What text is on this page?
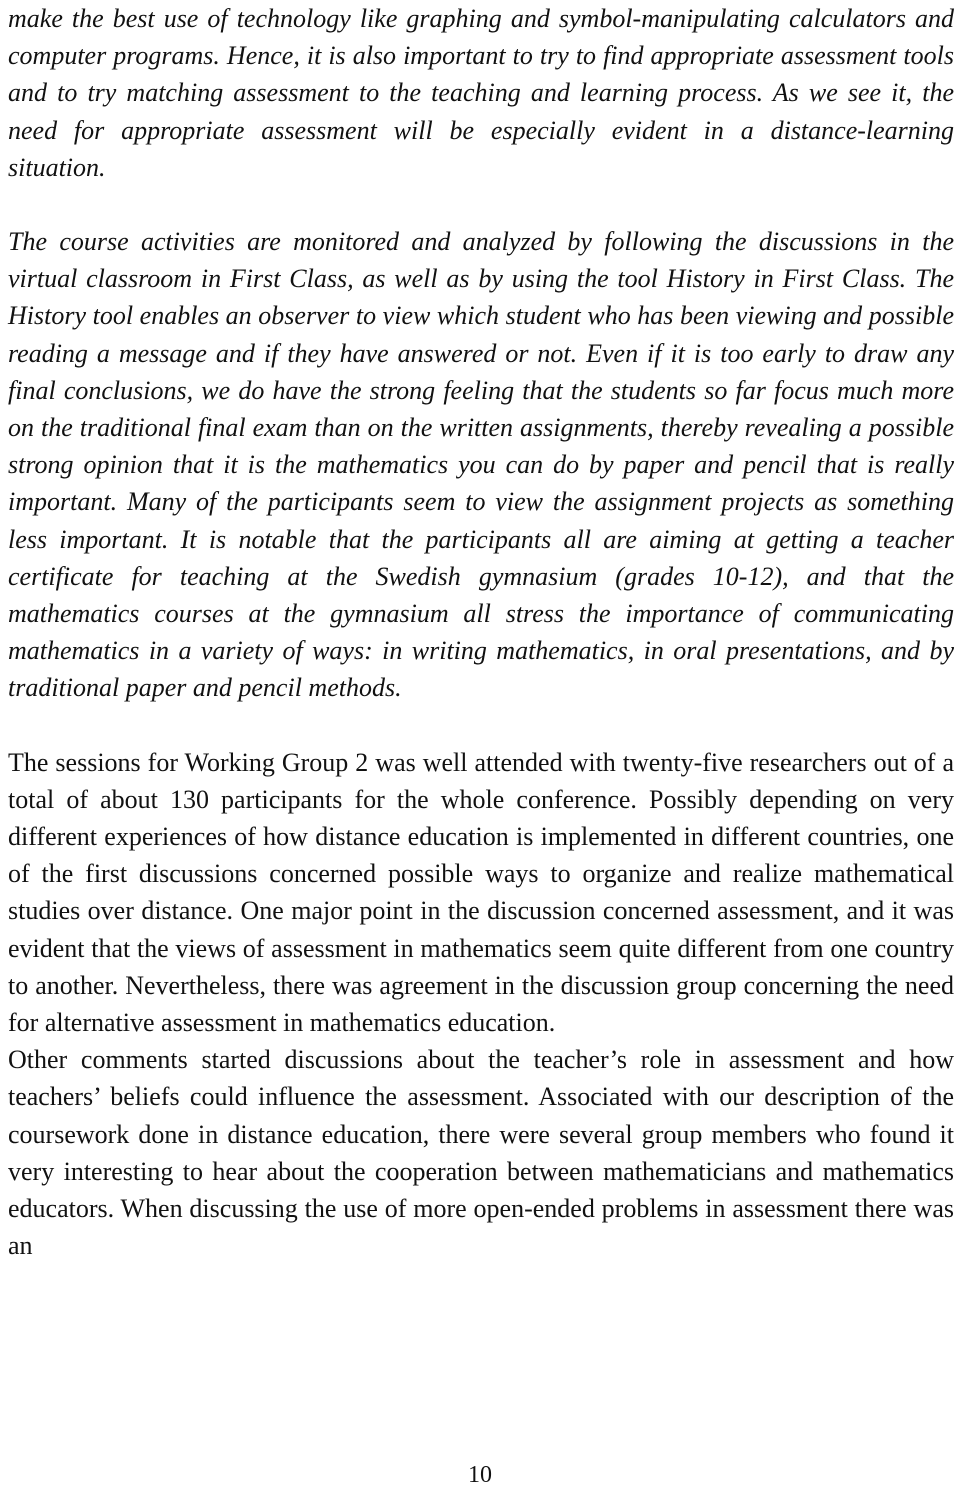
make the best use of technology like graphing and symbol-manipulating calculators and computer programs. Hence, it is also important to try to find appropriate assessment tools and to try matching assessment to the teaching and learning process. As we see it, the need for appropriate assessment will be especially evident in a distance-learning situation.

The course activities are monitored and analyzed by following the discussions in the virtual classroom in First Class, as well as by using the tool History in First Class. The History tool enables an observer to view which student who has been viewing and possible reading a message and if they have answered or not. Even if it is too early to draw any final conclusions, we do have the strong feeling that the students so far focus much more on the traditional final exam than on the written assignments, thereby revealing a possible strong opinion that it is the mathematics you can do by paper and pencil that is really important. Many of the participants seem to view the assignment projects as something less important. It is notable that the participants all are aiming at getting a teacher certificate for teaching at the Swedish gymnasium (grades 10-12), and that the mathematics courses at the gymnasium all stress the importance of communicating mathematics in a variety of ways: in writing mathematics, in oral presentations, and by traditional paper and pencil methods.

The sessions for Working Group 2 was well attended with twenty-five researchers out of a total of about 130 participants for the whole conference. Possibly depending on very different experiences of how distance education is implemented in different countries, one of the first discussions concerned possible ways to organize and realize mathematical studies over distance. One major point in the discussion concerned assessment, and it was evident that the views of assessment in mathematics seem quite different from one country to another. Nevertheless, there was agreement in the discussion group concerning the need for alternative assessment in mathematics education.

Other comments started discussions about the teacher’s role in assessment and how teachers’ beliefs could influence the assessment. Associated with our description of the coursework done in distance education, there were several group members who found it very interesting to hear about the cooperation between mathematicians and mathematics educators. When discussing the use of more open-ended problems in assessment there was an

10
